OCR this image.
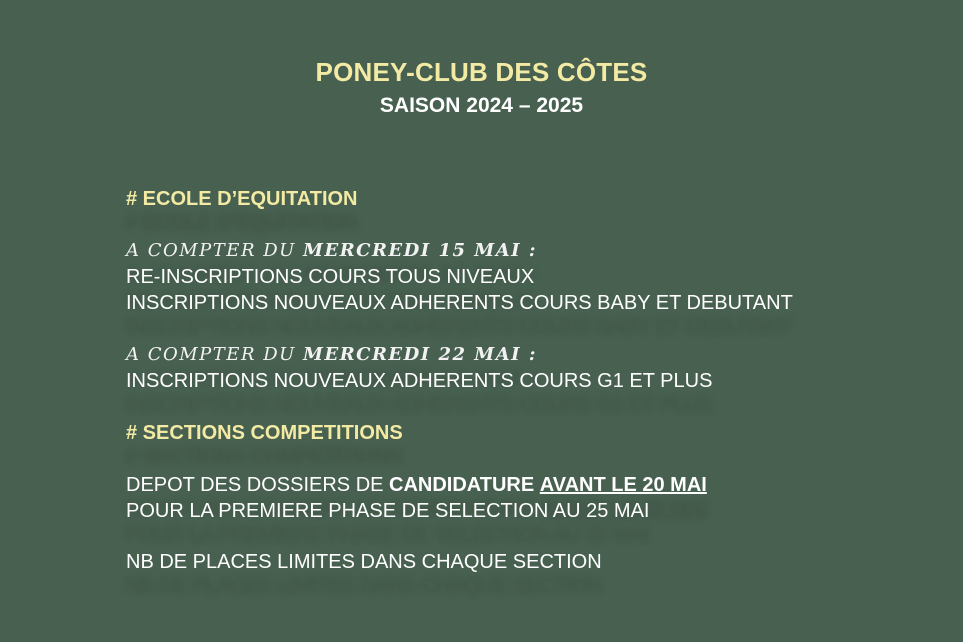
PONEY-CLUB DES CÔTES
SAISON 2024 – 2025
# ECOLE D’EQUITATION
A COMPTER DU MERCREDI 15 MAI :
RE-INSCRIPTIONS COURS TOUS NIVEAUX
INSCRIPTIONS NOUVEAUX ADHERENTS COURS BABY ET DEBUTANT
A COMPTER DU MERCREDI 22 MAI :
INSCRIPTIONS NOUVEAUX ADHERENTS COURS G1 ET PLUS
# SECTIONS COMPETITIONS
DEPOT DES DOSSIERS DE CANDIDATURE AVANT LE 20 MAI
POUR LA PREMIERE PHASE DE SELECTION AU 25 MAI
NB DE PLACES LIMITES DANS CHAQUE SECTION
